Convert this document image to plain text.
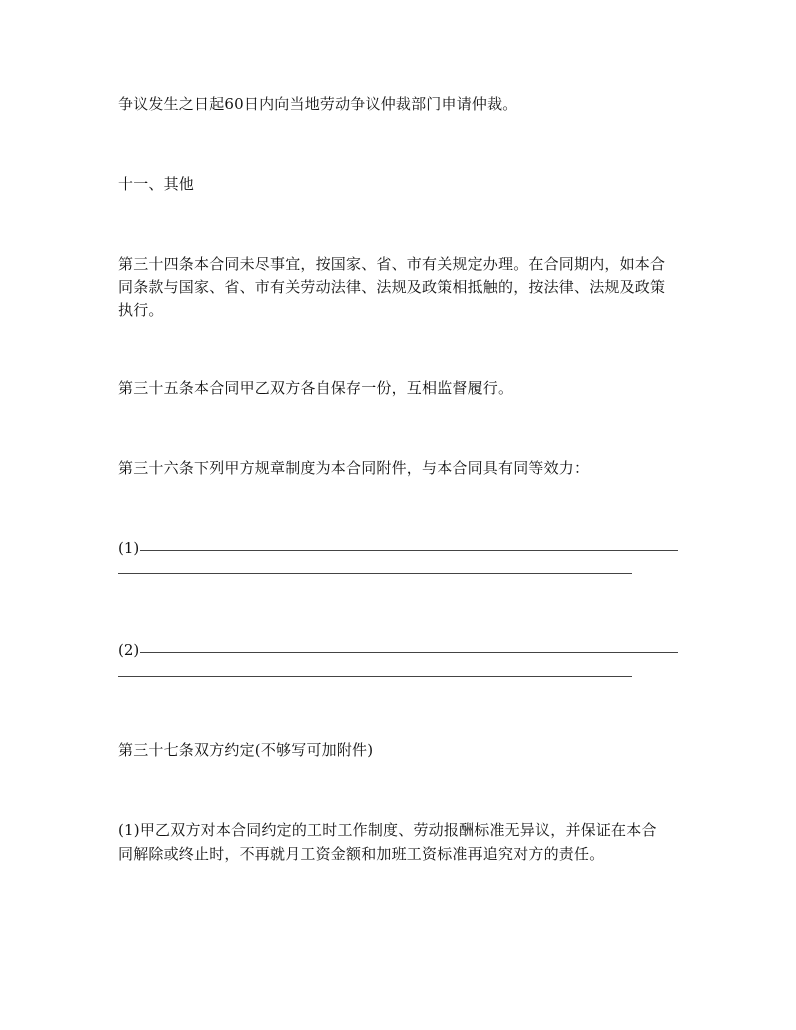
争议发生之日起60日内向当地劳动争议仲裁部门申请仲裁。
十一、其他
第三十四条本合同未尽事宜，按国家、省、市有关规定办理。在合同期内，如本合
同条款与国家、省、市有关劳动法律、法规及政策相抵触的，按法律、法规及政策
执行。
第三十五条本合同甲乙双方各自保存一份，互相监督履行。
第三十六条下列甲方规章制度为本合同附件，与本合同具有同等效力：
(1)
(2)
第三十七条双方约定(不够写可加附件)
(1)甲乙双方对本合同约定的工时工作制度、劳动报酬标准无异议，并保证在本合
同解除或终止时，不再就月工资金额和加班工资标准再追究对方的责任。
